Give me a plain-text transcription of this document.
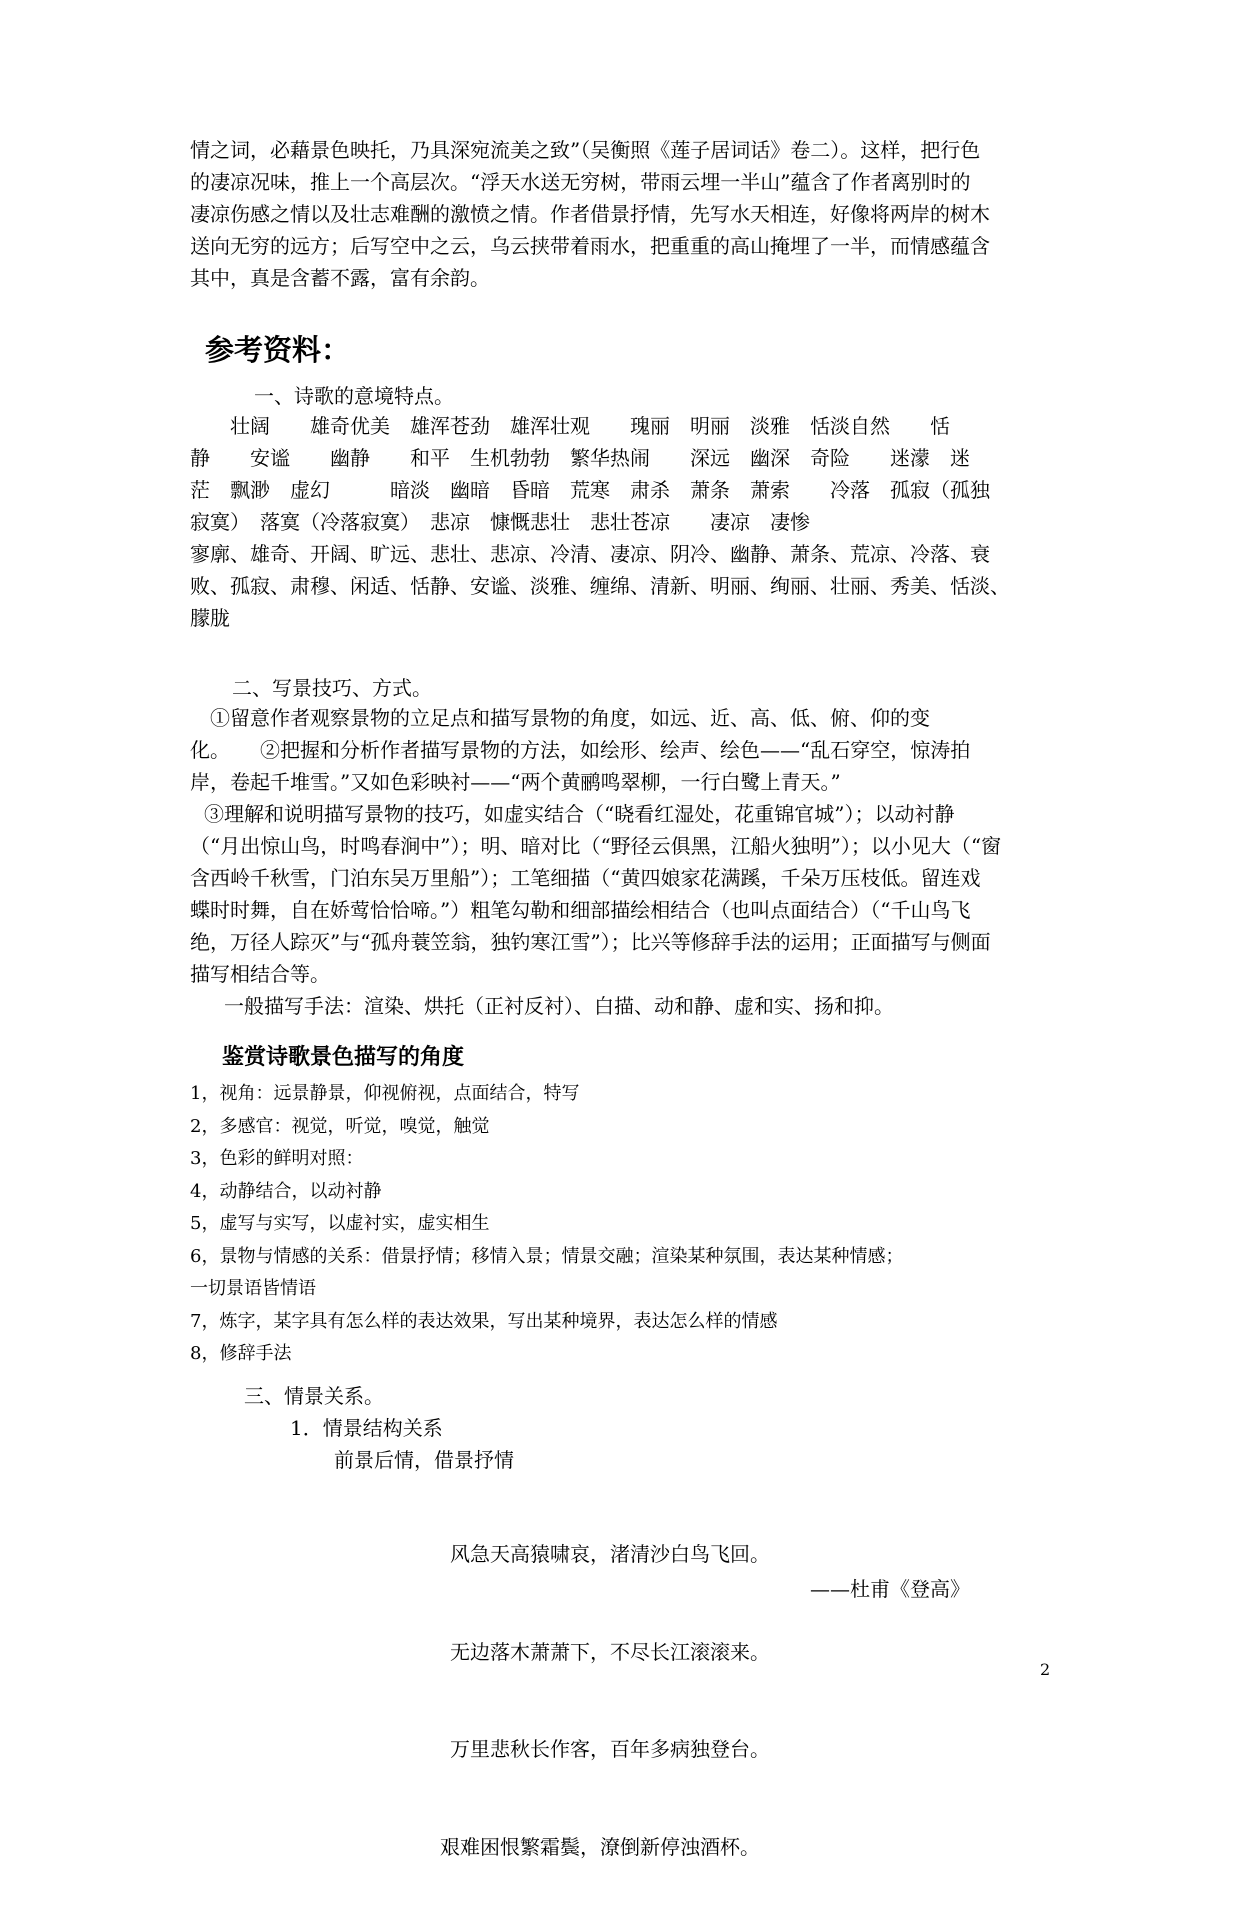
情之词，必藉景色映托，乃具深宛流美之致”（吴衡照《莲子居词话》卷二）。这样，把行色
的凄凉况味，推上一个高层次。“浮天水送无穷树，带雨云埋一半山”蕴含了作者离别时的
凄凉伤感之情以及壮志难酬的激愤之情。作者借景抒情，先写水天相连，好像将两岸的树木
送向无穷的远方；后写空中之云，乌云挟带着雨水，把重重的高山掩埋了一半，而情感蕴含
其中，真是含蓄不露，富有余韵。
参考资料：
一、诗歌的意境特点。
　　壮阔　　雄奇优美　雄浑苍劲　雄浑壮观　　瑰丽　明丽　淡雅　恬淡自然　　恬
静　　安谧　　幽静　　和平　生机勃勃　繁华热闹　　深远　幽深　奇险　　迷濛　迷
茫　飘渺　虚幻　　　暗淡　幽暗　昏暗　荒寒　肃杀　萧条　萧索　　冷落　孤寂（孤独
寂寞）　落寞（冷落寂寞）　悲凉　慷慨悲壮　悲壮苍凉　　凄凉　凄惨
寥廓、雄奇、开阔、旷远、悲壮、悲凉、冷清、凄凉、阴冷、幽静、萧条、荒凉、冷落、衰
败、孤寂、肃穆、闲适、恬静、安谧、淡雅、缠绵、清新、明丽、绚丽、壮丽、秀美、恬淡、
朦胧
二、写景技巧、方式。
　①留意作者观察景物的立足点和描写景物的角度，如远、近、高、低、俯、仰的变
化。　　②把握和分析作者描写景物的方法，如绘形、绘声、绘色——“乱石穿空，惊涛拍
岸，卷起千堆雪。”又如色彩映衬——“两个黄鹂鸣翠柳，一行白鹭上青天。”
③理解和说明描写景物的技巧，如虚实结合（“晓看红湿处，花重锦官城”）；以动衬静
（“月出惊山鸟，时鸣春涧中”）；明、暗对比（“野径云俱黑，江船火独明”）；以小见大（“窗
含西岭千秋雪，门泊东吴万里船”）；工笔细描（“黄四娘家花满蹊，千朵万压枝低。留连戏
蝶时时舞，自在娇莺恰恰啼。”）粗笔勾勒和细部描绘相结合（也叫点面结合）（“千山鸟飞
绝，万径人踪灭”与“孤舟蓑笠翁，独钓寒江雪”）；比兴等修辞手法的运用；正面描写与侧面
描写相结合等。
一般描写手法：渲染、烘托（正衬反衬）、白描、动和静、虚和实、扬和抑。
鉴赏诗歌景色描写的角度
1，视角：远景静景，仰视俯视，点面结合，特写
2，多感官：视觉，听觉，嗅觉，触觉
3，色彩的鲜明对照：
4，动静结合，以动衬静
5，虚写与实写，以虚衬实，虚实相生
6，景物与情感的关系：借景抒情；移情入景；情景交融；渲染某种氛围，表达某种情感；
一切景语皆情语
7，炼字，某字具有怎么样的表达效果，写出某种境界，表达怎么样的情感
8，修辞手法
三、情景关系。
1．情景结构关系
前景后情，借景抒情

风急天高猿啸哀，渚清沙白鸟飞回。

无边落木萧萧下，不尽长江滚滚来。

万里悲秋长作客，百年多病独登台。

艰难困恨繁霜鬓，潦倒新停浊酒杯。

——杜甫《登高》
2
